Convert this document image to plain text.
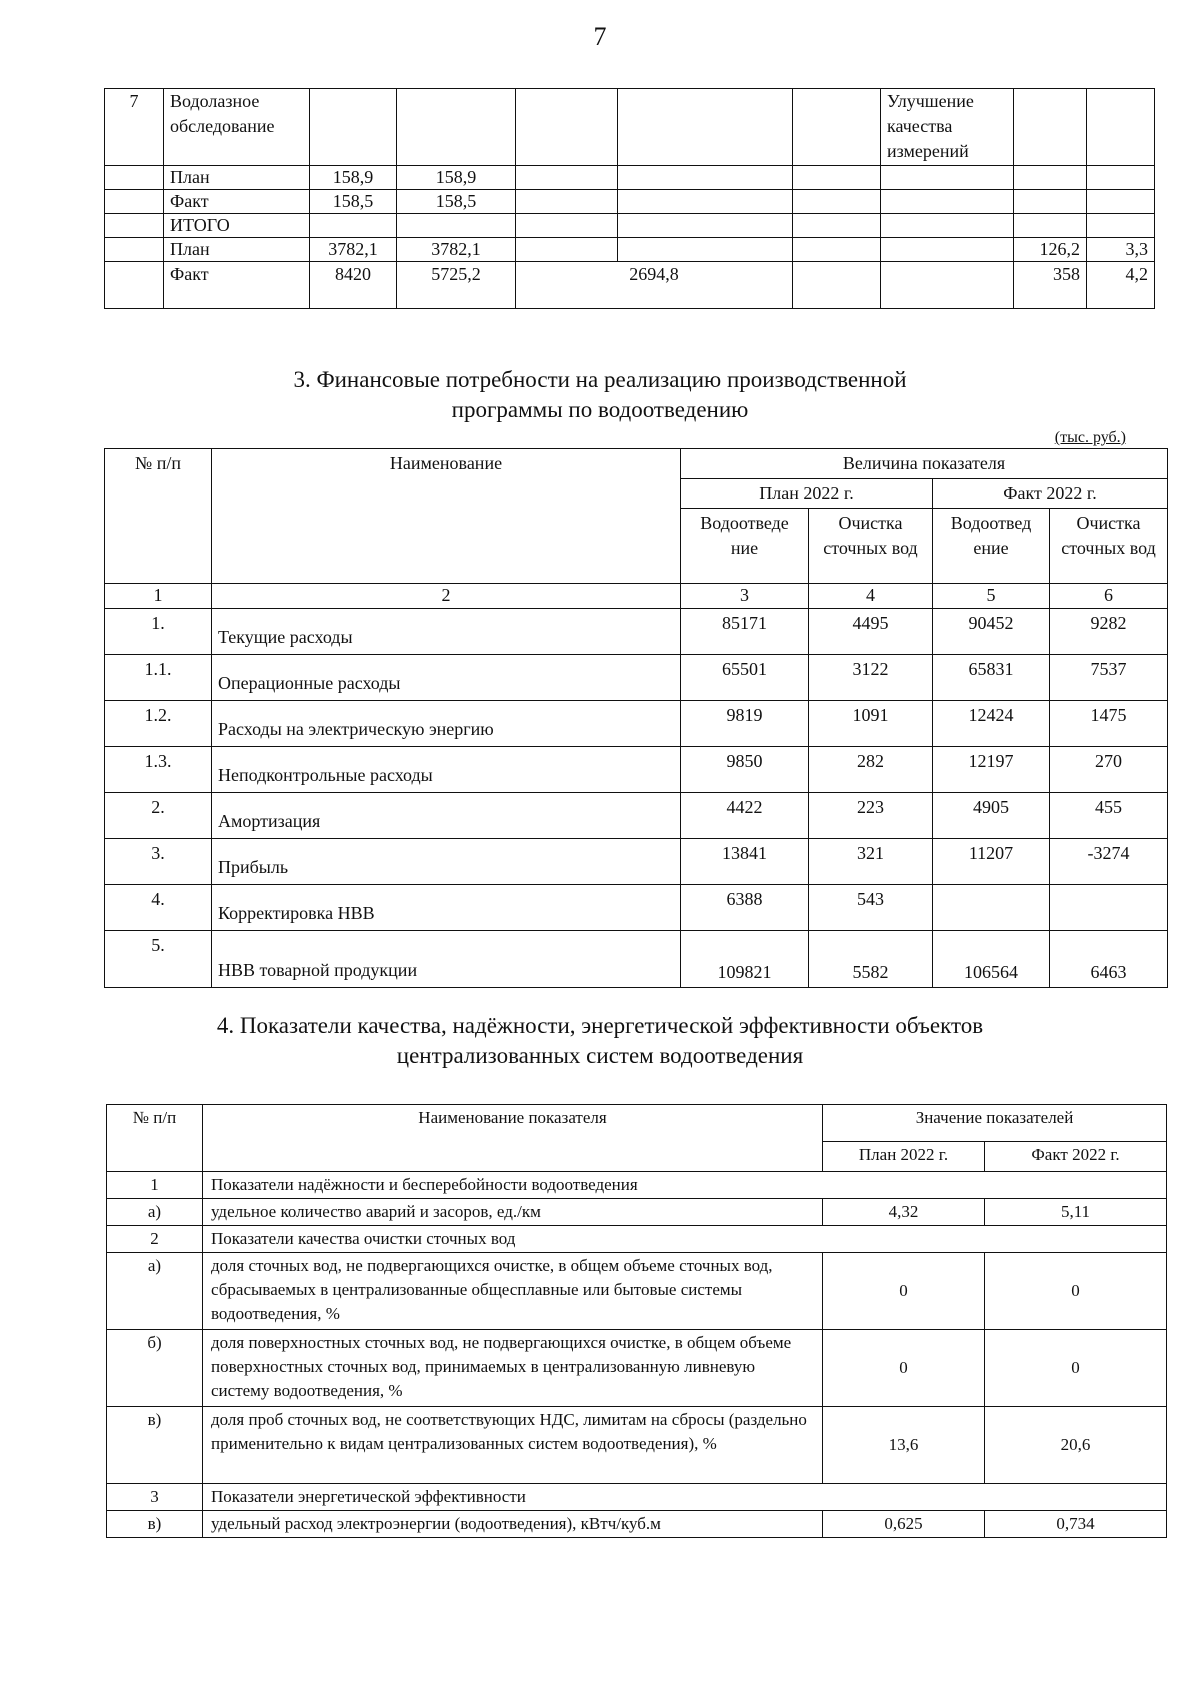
7
7	Водолазное обследование						Улучшение качества измерений		
	План	158,9	158,9						
	Факт	158,5	158,5						
	ИТОГО								
	План	3782,1	3782,1					126,2	3,3
	Факт	8420	5725,2	2694,8				358	4,2
3. Финансовые потребности на реализацию производственной
программы по водоотведению
(тыс. руб.)
№ п/п	Наименование	Величина показателя			
		План 2022 г.		Факт 2022 г.	
		Водоотведе ние	Очистка сточных вод	Водоотвед ение	Очистка сточных вод
1	2	3	4	5	6
1.	Текущие расходы	85171	4495	90452	9282
1.1.	Операционные расходы	65501	3122	65831	7537
1.2.	Расходы на электрическую энергию	9819	1091	12424	1475
1.3.	Неподконтрольные расходы	9850	282	12197	270
2.	Амортизация	4422	223	4905	455
3.	Прибыль	13841	321	11207	-3274
4.	Корректировка НВВ	6388	543		
5.	НВВ товарной продукции	109821	5582	106564	6463
4. Показатели качества, надёжности, энергетической эффективности объектов
централизованных систем водоотведения
№ п/п	Наименование показателя	Значение показателей	
		План 2022 г.	Факт 2022 г.
1	Показатели надёжности и бесперебойности водоотведения		
а)	удельное количество аварий и засоров, ед./км	4,32	5,11
2	Показатели качества очистки сточных вод		
а)	доля сточных вод, не подвергающихся очистке, в общем объеме сточных вод, сбрасываемых в централизованные общесплавные или бытовые системы водоотведения, %	0	0
б)	доля поверхностных сточных вод, не подвергающихся очистке, в общем объеме поверхностных сточных вод, принимаемых в централизованную ливневую систему водоотведения, %	0	0
в)	доля проб сточных вод, не соответствующих НДС, лимитам на сбросы (раздельно применительно к видам централизованных систем водоотведения), %	13,6	20,6
3	Показатели энергетической эффективности		
в)	удельный расход электроэнергии (водоотведения), кВтч/куб.м	0,625	0,734
